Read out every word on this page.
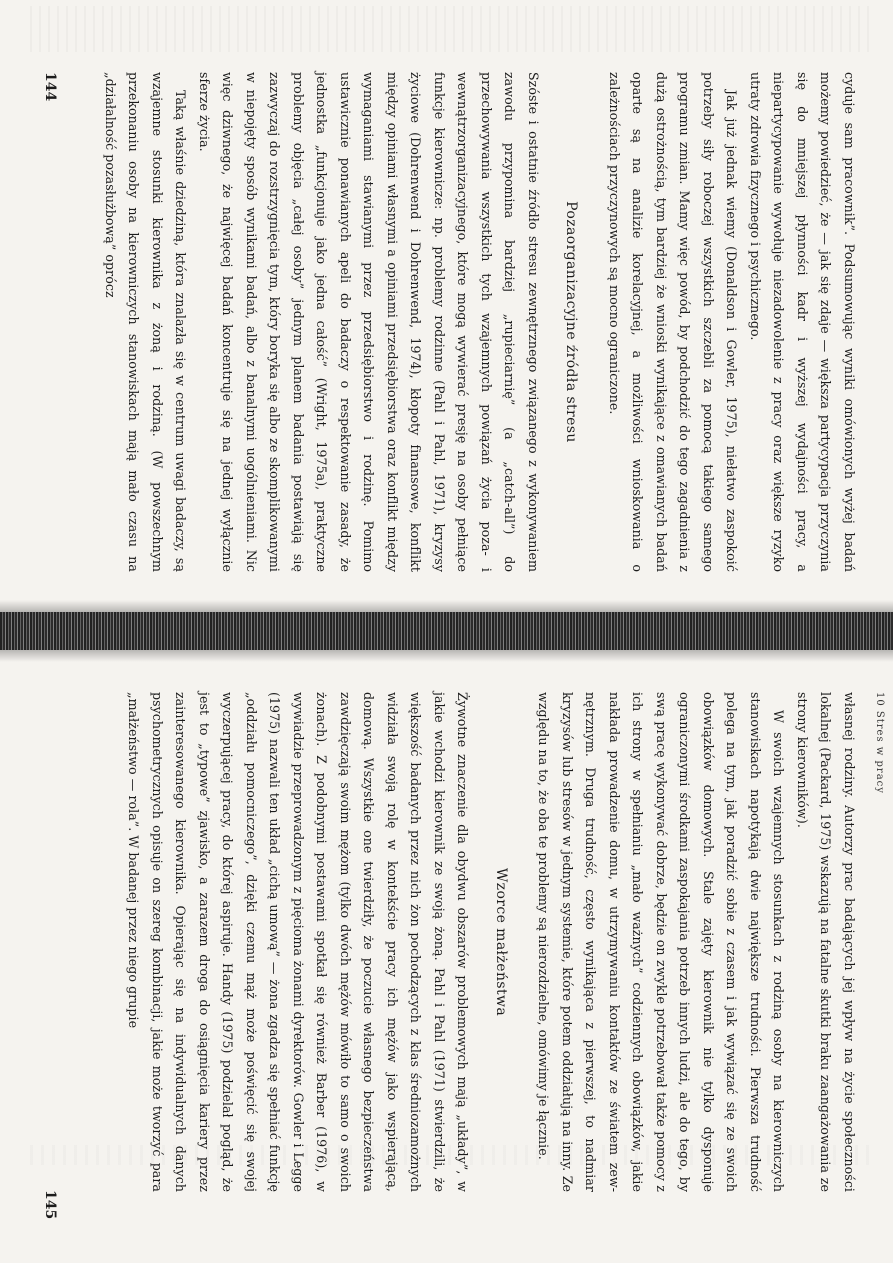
cyduje sam pracownik”. Podsumowując wyniki omówionych wyżej badań możemy powiedzieć, że — jak się zdaje — większa partycypacja przyczynia się do mniejszej płynności kadr i wyższej wydajności pracy, a niepartycypowanie wywołuje niezadowolenie z pracy oraz większe ryzyko utraty zdrowia fizycznego i psychicznego.

Jak już jednak wiemy (Donaldson i Gowler, 1975), niełatwo zaspokoić potrzeby siły roboczej wszystkich szczebli za pomocą takiego samego programu zmian. Mamy więc powód, by podchodzić do tego zagadnienia z dużą ostrożnością, tym bardziej że wnioski wynikające z omawianych badań oparte są na analizie korelacyjnej, a możliwości wnioskowania o zależnościach przyczynowych są mocno ograniczone.

Pozaorganizacyjne źródła stresu

Szóste i ostatnie źródło stresu zewnętrznego związanego z wykonywaniem zawodu przypomina bardziej „rupieciarnię” (a „catch-all”) do przechowywania wszystkich tych wzajemnych powiązań życia poza- i wewnątrzorganizacyjnego, które mogą wywierać presję na osoby pełniące funkcje kierownicze: np. problemy rodzinne (Pahl i Pahl, 1971), kryzysy życiowe (Dohrenwend i Dohrenwend, 1974), kłopoty finansowe, konflikt między opiniami własnymi a opiniami przedsiębiorstwa oraz konflikt między wymaganiami stawianymi przez przedsiębiorstwo i rodzinę. Pomimo ustawicznie ponawianych apeli do badaczy o respektowanie zasady, że jednostka „funkcjonuje jako jedna całość” (Wright, 1975a), praktyczne problemy objęcia „całej osoby” jednym planem badania postawiają się zazwyczaj do rozstrzygnięcia tym, który boryka się albo ze skomplikowanymi w niepojęty sposób wynikami badań, albo z banalnymi uogólnieniami. Nic więc dziwnego, że najwięcej badań koncentruje się na jednej wyłącznie sferze życia.

Taką właśnie dziedziną, która znalazła się w centrum uwagi badaczy, są wzajemne stosunki kierownika z żoną i rodziną. (W powszechnym przekonaniu osoby na kierowniczych stanowiskach mają mało czasu na „działalność pozasłużbową” oprócz

144
10 Stres w pracy

własnej rodziny. Autorzy prac badających jej wpływ na życie społeczności lokalnej (Packard, 1975) wskazują na fatalne skutki braku zaangażowania ze strony kierowników).

W swoich wzajemnych stosunkach z rodziną osoby na kierowniczych stanowiskach napotykają dwie największe trudności. Pierwsza trudność polega na tym, jak poradzić sobie z czasem i jak wywiązać się ze swoich obowiązków domowych. Stale zajęty kierownik nie tylko dysponuje ograniczonymi środkami zaspokajania potrzeb innych ludzi, ale do tego, by swą pracę wykonywać dobrze, będzie on zwykle potrzebował także pomocy z ich strony w spełnianiu „mało ważnych” codziennych obowiązków, jakie nakłada prowadzenie domu, w utrzymywaniu kontaktów ze światem zewnętrznym. Druga trudność, często wynikająca z pierwszej, to nadmiar kryzysów lub stresów w jednym systemie, które potem oddziałują na inny. Ze względu na to, że oba te problemy są nierozdzielne, omówimy je łącznie.

Wzorce małżeństwa

Żywotne znaczenie dla obydwu obszarów problemowych mają „układy”, w jakie wchodzi kierownik ze swoją żoną. Pahl i Pahl (1971) stwierdzili, że większość badanych przez nich żon pochodzących z klas średniozamożnych widziała swoją rolę w kontekście pracy ich mężów jako wspierającą, domową. Wszystkie one twierdziły, że poczucie własnego bezpieczeństwa zawdzięczają swoim mężom (tylko dwóch mężów mówiło to samo o swoich żonach). Z podobnymi postawami spotkał się również Barber (1976), w wywiadzie przeprowadzonym z pięcioma żonami dyrektorów. Gowler i Legge (1975) nazwali ten układ „cichą umową” — żona zgadza się spełniać funkcję „oddziału pomocniczego”, dzięki czemu mąż może poświęcić się swojej wyczerpującej pracy, do której aspiruje. Handy (1975) podzielał pogląd, że jest to „typowe” zjawisko, a zarazem droga do osiągnięcia kariery przez zainteresowanego kierownika. Opierając się na indywidualnych danych psychometrycznych opisuje on szereg kombinacji, jakie może tworzyć para „małżeństwo — rola”. W badanej przez niego grupie

145
